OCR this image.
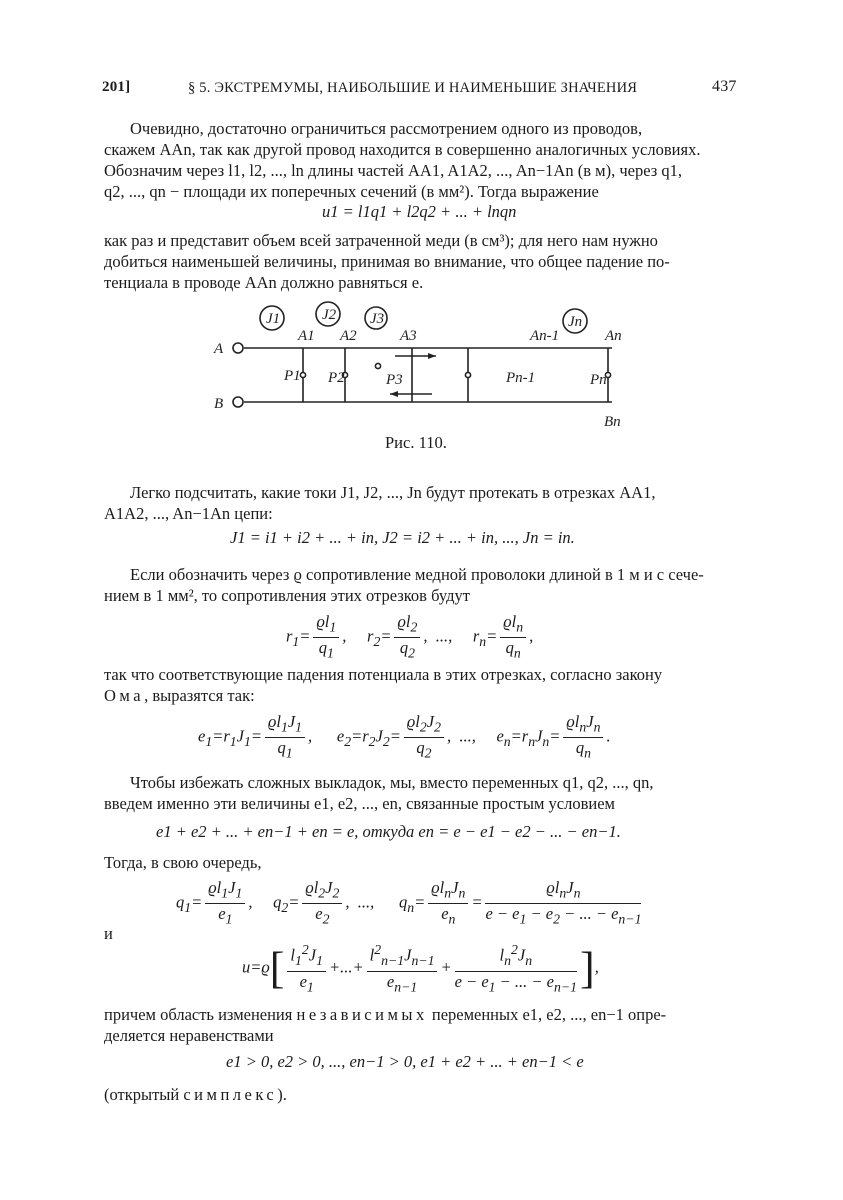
201]	§ 5. ЭКСТРЕМУМЫ, НАИБОЛЬШИЕ И НАИМЕНЬШИЕ ЗНАЧЕНИЯ	437

Очевидно, достаточно ограничиться рассмотрением одного из проводов,

скажем AAn, так как другой провод находится в совершенно аналогичных условиях.

Обозначим через l1, l2, ..., ln длины частей AA1, A1A2, ..., An−1An (в м), через q1,

q2, ..., qn − площади их поперечных сечений (в мм²). Тогда выражение

u1 = l1q1 + l2q2 + ... + lnqn

как раз и представит объем всей затраченной меди (в см³); для него нам нужно

добиться наименьшей величины, принимая во внимание, что общее падение по-

тенциала в проводе AAn должно равняться e.

J1	J2 J3	Jn
A1 A2	A3	An-1	An
A
B
P1 P2	P3	Pn-1	Pn
Bn
Рис. 110.

Легко подсчитать, какие токи J1, J2, ..., Jn будут протекать в отрезках AA1,

A1A2, ..., An−1An цепи:

J1 = i1 + i2 + ... + in, J2 = i2 + ... + in, ..., Jn = in.

Если обозначить через ϱ сопротивление медной проволоки длиной в 1 м и с сече-

нием в 1 мм², то сопротивления этих отрезков будут

$r_1= \frac{ϱl_1}{q_1}$ ,     $r_2= \frac{ϱl_2}{q_2}$ ,  ...,     $r_n= \frac{ϱl_n}{q_n}$ ,

так что соответствующие падения потенциала в этих отрезках, согласно закону

Ома, выразятся так:

$e_1=r_1J_1= \frac{ϱl_1J_1}{q_1}$ ,      $e_2=r_2J_2= \frac{ϱl_2J_2}{q_2}$ ,  ...,     $e_n=r_nJ_n= \frac{ϱl_nJ_n}{q_n}$ .

Чтобы избежать сложных выкладок, мы, вместо переменных q1, q2, ..., qn,

введем именно эти величины e1, e2, ..., en, связанные простым условием

e1 + e2 + ... + en−1 + en = e, откуда en = e − e1 − e2 − ... − en−1.

Тогда, в свою очередь,

$q_1= \frac{ϱl_1J_1}{e_1}$ ,     $q_2= \frac{ϱl_2J_2}{e_2}$ ,  ...,      $q_n= \frac{ϱl_nJ_n}{e_n} = \frac{ϱl_nJ_n}{e - e_1 - e_2 - ... - e_{n-1}}$
и
$u=ϱ[ \frac{l_1^2J_1}{e_1}$ +...+ $\frac{l^2_{n-1}J_{n-1}}{e_{n-1}} + \frac{l_n^2J_n}{e - e_1 - ... - e_{n-1}}$ ],

причем область изменения независимых переменных e1, e2, ..., en−1 опре-

деляется неравенствами

e1 > 0, e2 > 0, ..., en−1 > 0, e1 + e2 + ... + en−1 < e

(открытый симплекс).
